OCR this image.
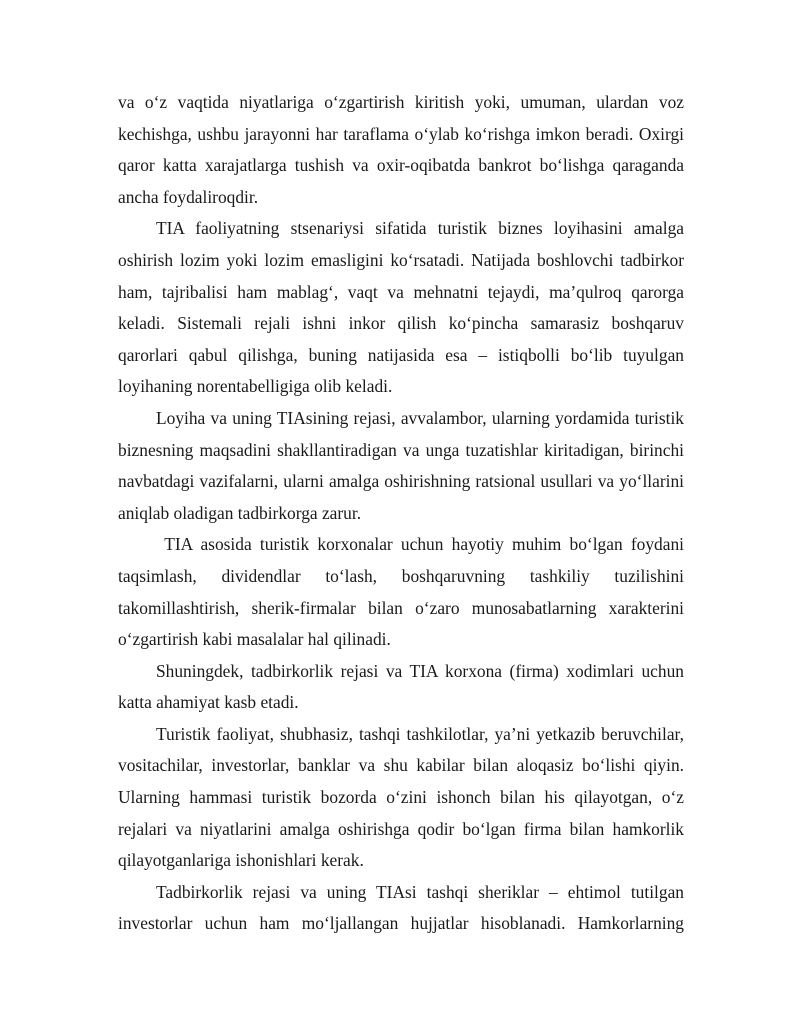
va o‘z vaqtida niyatlariga o‘zgartirish kiritish yoki, umuman, ulardan voz kechishga, ushbu jarayonni har taraflama o‘ylab ko‘rishga imkon beradi. Oxirgi qaror katta xarajatlarga tushish va oxir-oqibatda bankrot bo‘lishga qaraganda ancha foydaliroqdir.

TIA faoliyatning stsenariysi sifatida turistik biznes loyihasini amalga oshirish lozim yoki lozim emasligini ko‘rsatadi. Natijada boshlovchi tadbirkor ham, tajribalisi ham mablag‘, vaqt va mehnatni tejaydi, ma’qulroq qarorga keladi. Sistemali rejali ishni inkor qilish ko‘pincha samarasiz boshqaruv qarorlari qabul qilishga, buning natijasida esa – istiqbolli bo‘lib tuyulgan loyihaning norentabelligiga olib keladi.

Loyiha va uning TIAsining rejasi, avvalambor, ularning yordamida turistik biznesning maqsadini shakllantiradigan va unga tuzatishlar kiritadigan, birinchi navbatdagi vazifalarni, ularni amalga oshirishning ratsional usullari va yo‘llarini aniqlab oladigan tadbirkorga zarur.

TIA asosida turistik korxonalar uchun hayotiy muhim bo‘lgan foydani taqsimlash, dividendlar to‘lash, boshqaruvning tashkiliy tuzilishini takomillashtirish, sherik-firmalar bilan o‘zaro munosabatlarning xarakterini o‘zgartirish kabi masalalar hal qilinadi.

Shuningdek, tadbirkorlik rejasi va TIA korxona (firma) xodimlari uchun katta ahamiyat kasb etadi.

Turistik faoliyat, shubhasiz, tashqi tashkilotlar, ya’ni yetkazib beruvchilar, vositachilar, investorlar, banklar va shu kabilar bilan aloqasiz bo‘lishi qiyin. Ularning hammasi turistik bozorda o‘zini ishonch bilan his qilayotgan, o‘z rejalari va niyatlarini amalga oshirishga qodir bo‘lgan firma bilan hamkorlik qilayotganlariga ishonishlari kerak.

Tadbirkorlik rejasi va uning TIAsi tashqi sheriklar – ehtimol tutilgan investorlar uchun ham mo‘ljallangan hujjatlar hisoblanadi. Hamkorlarning
